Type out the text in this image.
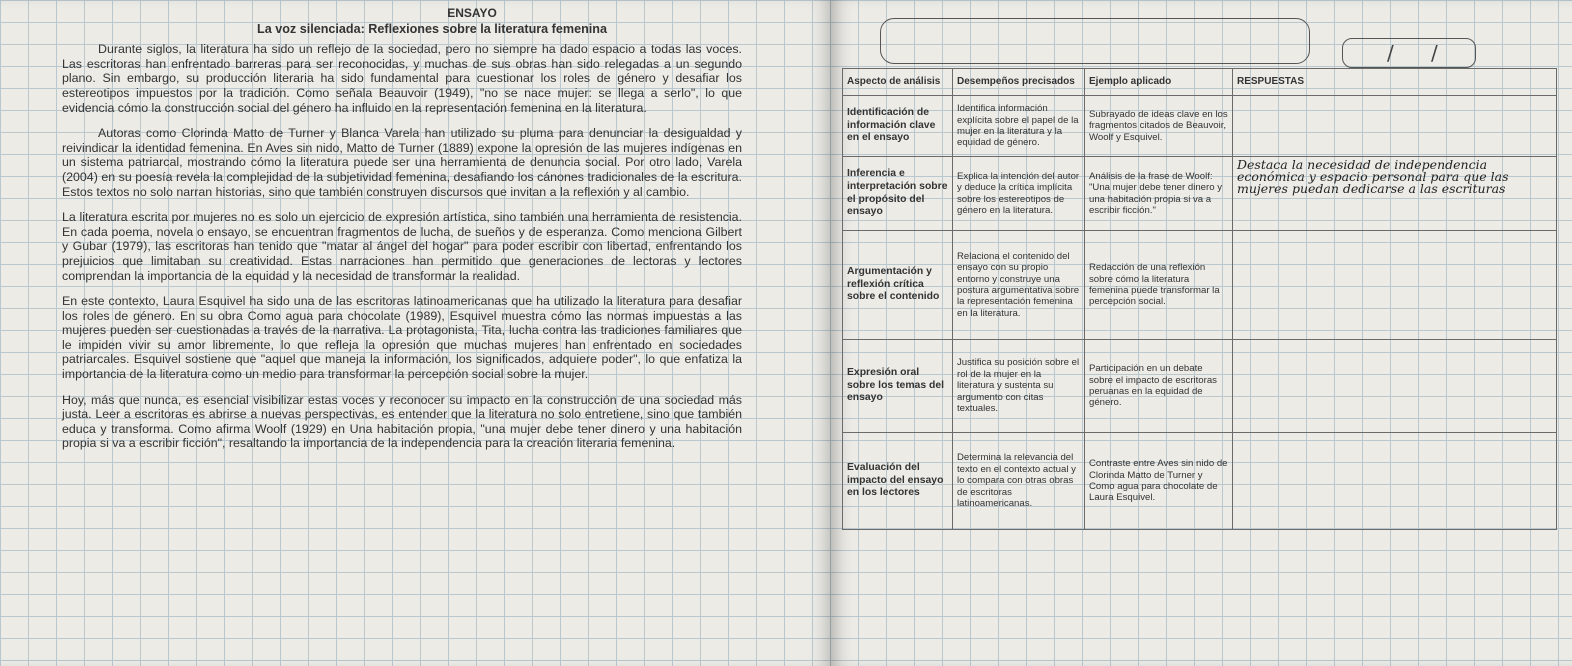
ENSAYO
La voz silenciada: Reflexiones sobre la literatura femenina

Durante siglos, la literatura ha sido un reflejo de la sociedad, pero no siempre ha dado espacio a todas las voces. Las escritoras han enfrentado barreras para ser reconocidas, y muchas de sus obras han sido relegadas a un segundo plano. Sin embargo, su producción literaria ha sido fundamental para cuestionar los roles de género y desafiar los estereotipos impuestos por la tradición. Como señala Beauvoir (1949), "no se nace mujer: se llega a serlo", lo que evidencia cómo la construcción social del género ha influido en la representación femenina en la literatura.

Autoras como Clorinda Matto de Turner y Blanca Varela han utilizado su pluma para denunciar la desigualdad y reivindicar la identidad femenina. En Aves sin nido, Matto de Turner (1889) expone la opresión de las mujeres indígenas en un sistema patriarcal, mostrando cómo la literatura puede ser una herramienta de denuncia social. Por otro lado, Varela (2004) en su poesía revela la complejidad de la subjetividad femenina, desafiando los cánones tradicionales de la escritura. Estos textos no solo narran historias, sino que también construyen discursos que invitan a la reflexión y al cambio.

La literatura escrita por mujeres no es solo un ejercicio de expresión artística, sino también una herramienta de resistencia. En cada poema, novela o ensayo, se encuentran fragmentos de lucha, de sueños y de esperanza. Como menciona Gilbert y Gubar (1979), las escritoras han tenido que "matar al ángel del hogar" para poder escribir con libertad, enfrentando los prejuicios que limitaban su creatividad. Estas narraciones han permitido que generaciones de lectoras y lectores comprendan la importancia de la equidad y la necesidad de transformar la realidad.

En este contexto, Laura Esquivel ha sido una de las escritoras latinoamericanas que ha utilizado la literatura para desafiar los roles de género. En su obra Como agua para chocolate (1989), Esquivel muestra cómo las normas impuestas a las mujeres pueden ser cuestionadas a través de la narrativa. La protagonista, Tita, lucha contra las tradiciones familiares que le impiden vivir su amor libremente, lo que refleja la opresión que muchas mujeres han enfrentado en sociedades patriarcales. Esquivel sostiene que "aquel que maneja la información, los significados, adquiere poder", lo que enfatiza la importancia de la literatura como un medio para transformar la percepción social sobre la mujer.

Hoy, más que nunca, es esencial visibilizar estas voces y reconocer su impacto en la construcción de una sociedad más justa. Leer a escritoras es abrirse a nuevas perspectivas, es entender que la literatura no solo entretiene, sino que también educa y transforma. Como afirma Woolf (1929) en Una habitación propia, "una mujer debe tener dinero y una habitación propia si va a escribir ficción", resaltando la importancia de la independencia para la creación literaria femenina.

/ /
Aspecto de análisis	Desempeños precisados	Ejemplo aplicado	RESPUESTAS
Identificación de información clave en el ensayo	Identifica información explícita sobre el papel de la mujer en la literatura y la equidad de género.	Subrayado de ideas clave en los fragmentos citados de Beauvoir, Woolf y Esquivel.	
Inferencia e interpretación sobre el propósito del ensayo	Explica la intención del autor y deduce la crítica implícita sobre los estereotipos de género en la literatura.	Análisis de la frase de Woolf: "Una mujer debe tener dinero y una habitación propia si va a escribir ficción."	Destaca la necesidad de independencia económica y espacio personal para que las mujeres puedan dedicarse a las escrituras
Argumentación y reflexión crítica sobre el contenido	Relaciona el contenido del ensayo con su propio entorno y construye una postura argumentativa sobre la representación femenina en la literatura.	Redacción de una reflexión sobre cómo la literatura femenina puede transformar la percepción social.	
Expresión oral sobre los temas del ensayo	Justifica su posición sobre el rol de la mujer en la literatura y sustenta su argumento con citas textuales.	Participación en un debate sobre el impacto de escritoras peruanas en la equidad de género.	
Evaluación del impacto del ensayo en los lectores	Determina la relevancia del texto en el contexto actual y lo compara con otras obras de escritoras latinoamericanas.	Contraste entre Aves sin nido de Clorinda Matto de Turner y Como agua para chocolate de Laura Esquivel.	
